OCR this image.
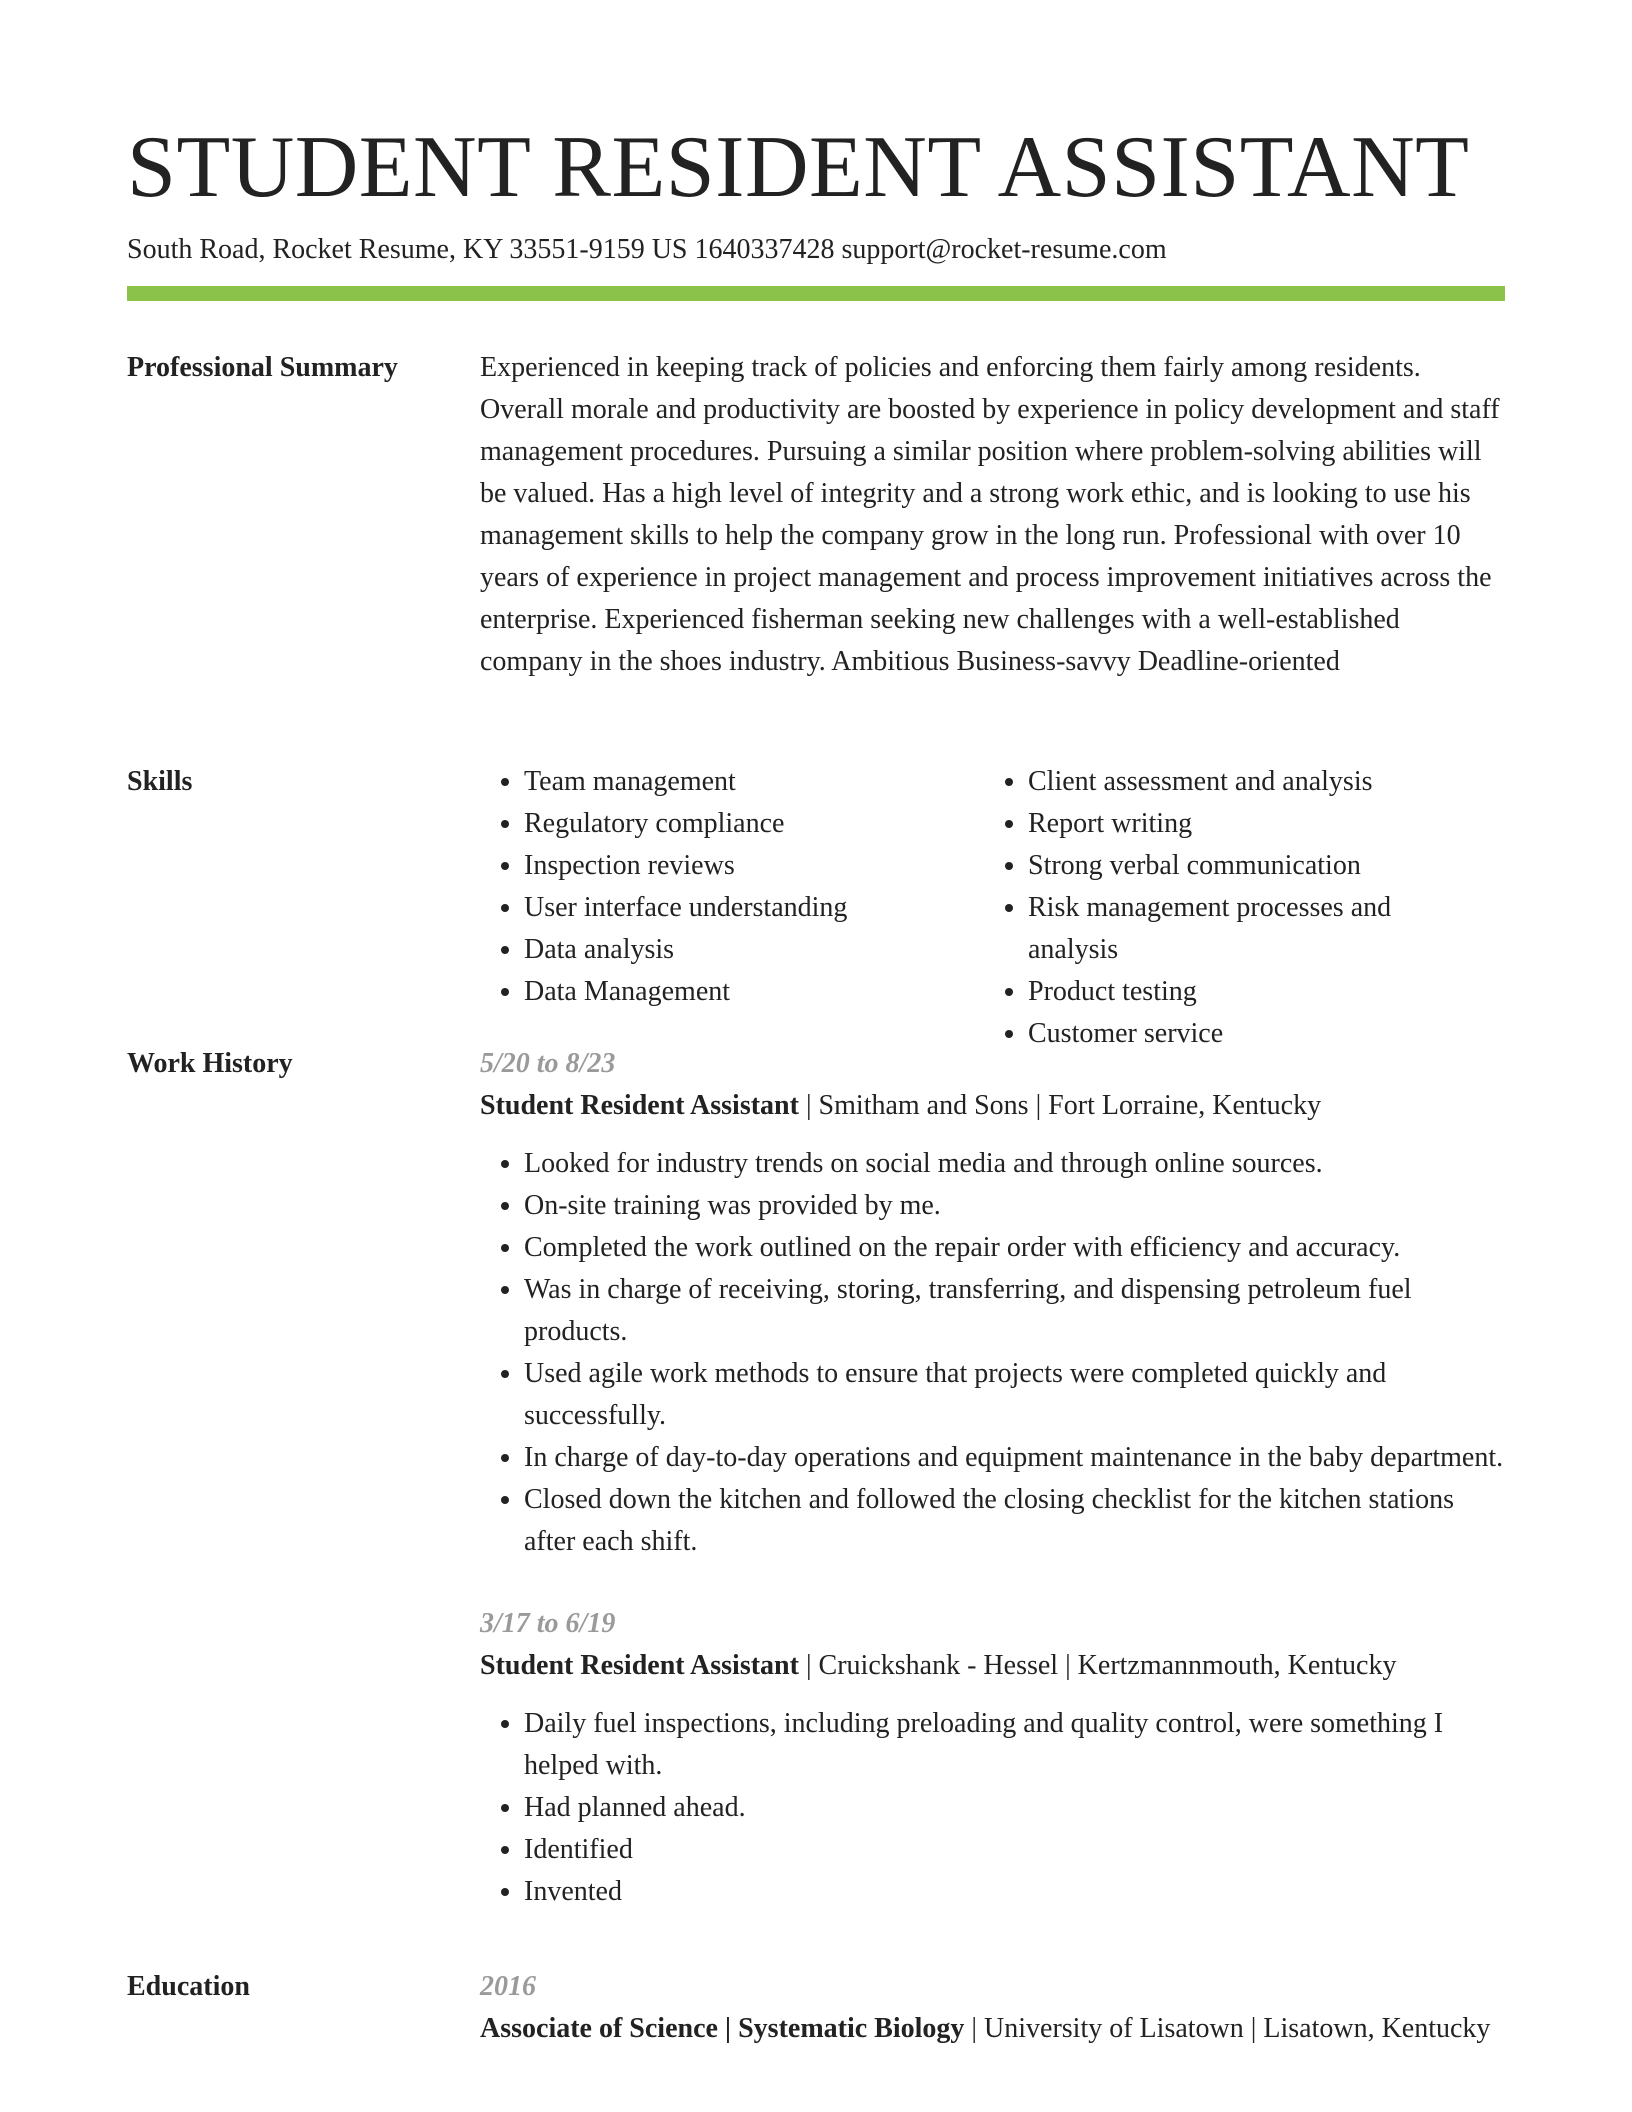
STUDENT RESIDENT ASSISTANT
South Road, Rocket Resume, KY 33551-9159 US 1640337428 support@rocket-resume.com
Professional Summary	Experienced in keeping track of policies and enforcing them fairly among residents. Overall morale and productivity are boosted by experience in policy development and staff management procedures. Pursuing a similar position where problem-solving abilities will be valued. Has a high level of integrity and a strong work ethic, and is looking to use his management skills to help the company grow in the long run. Professional with over 10 years of experience in project management and process improvement initiatives across the enterprise. Experienced fisherman seeking new challenges with a well-established company in the shoes industry. Ambitious Business-savvy Deadline-oriented

Skills
•	Team management
• Regulatory compliance
• Inspection reviews
• User interface understanding
• Data analysis
• Data Management
• Client assessment and analysis
• Report writing
• Strong verbal communication
• Risk management processes and analysis
• Product testing
• Customer service
Work History	5/20 to 8/23
Student Resident Assistant | Smitham and Sons | Fort Lorraine, Kentucky
• Looked for industry trends on social media and through online sources.
• On-site training was provided by me.
• Completed the work outlined on the repair order with efficiency and accuracy.
• Was in charge of receiving, storing, transferring, and dispensing petroleum fuel products.
• Used agile work methods to ensure that projects were completed quickly and successfully.
• In charge of day-to-day operations and equipment maintenance in the baby department.
• Closed down the kitchen and followed the closing checklist for the kitchen stations after each shift.
3/17 to 6/19
Student Resident Assistant | Cruickshank - Hessel | Kertzmannmouth, Kentucky
• Daily fuel inspections, including preloading and quality control, were something I helped with.
• Had planned ahead.
• Identified
• Invented
Education	2016
Associate of Science | Systematic Biology | University of Lisatown | Lisatown, Kentucky
